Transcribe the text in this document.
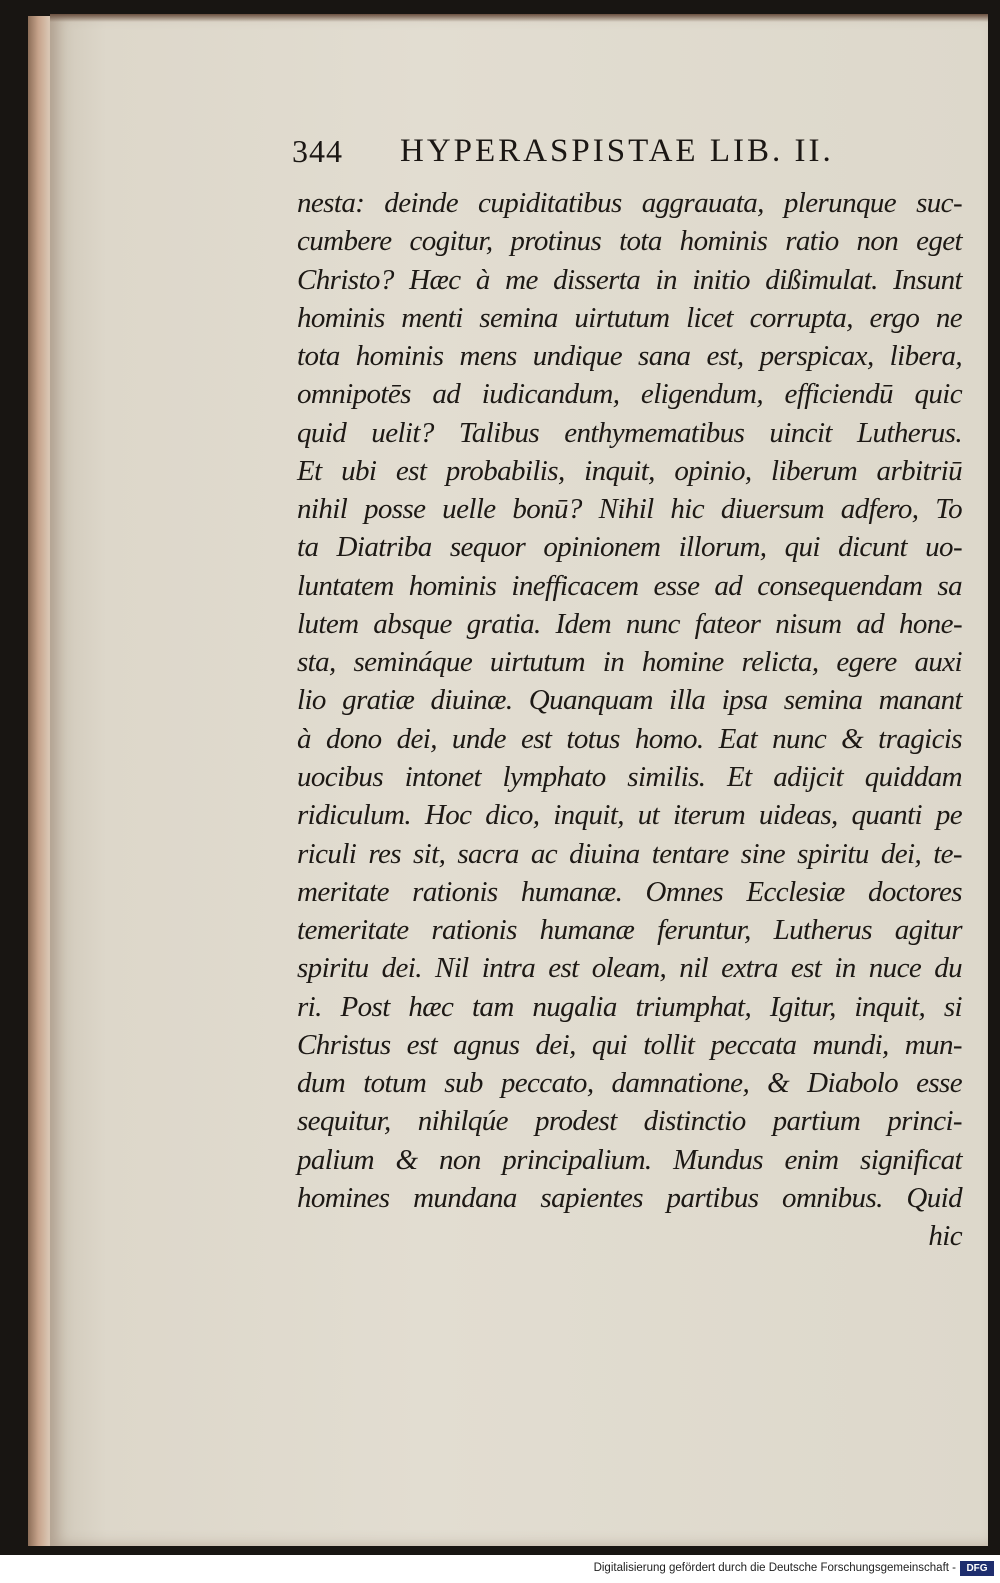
344 HYPERASPISTAE LIB. II.
nesta: deinde cupiditatibus aggrauata, plerunque suc-
cumbere cogitur, protinus tota hominis ratio non eget
Christo? Hæc à me disserta in initio dißimulat. Insunt
hominis menti semina uirtutum licet corrupta, ergo ne
tota hominis mens undique sana est, perspicax, libera,
omnipotēs ad iudicandum, eligendum, efficiendū quic
quid uelit? Talibus enthymematibus uincit Lutherus.
Et ubi est probabilis, inquit, opinio, liberum arbitriū
nihil posse uelle bonū? Nihil hic diuersum adfero, To
ta Diatriba sequor opinionem illorum, qui dicunt uo-
luntatem hominis inefficacem esse ad consequendam sa
lutem absque gratia. Idem nunc fateor nisum ad hone-
sta, semináque uirtutum in homine relicta, egere auxi
lio gratiæ diuinæ. Quanquam illa ipsa semina manant
à dono dei, unde est totus homo. Eat nunc & tragicis
uocibus intonet lymphato similis. Et adijcit quiddam
ridiculum. Hoc dico, inquit, ut iterum uideas, quanti pe
riculi res sit, sacra ac diuina tentare sine spiritu dei, te-
meritate rationis humanæ. Omnes Ecclesiæ doctores
temeritate rationis humanæ feruntur, Lutherus agitur
spiritu dei. Nil intra est oleam, nil extra est in nuce du
ri. Post hæc tam nugalia triumphat, Igitur, inquit, si
Christus est agnus dei, qui tollit peccata mundi, mun-
dum totum sub peccato, damnatione, & Diabolo esse
sequitur, nihilqúe prodest distinctio partium princi-
palium & non principalium. Mundus enim significat
homines mundana sapientes partibus omnibus. Quid
hic
Digitalisierung gefördert durch die Deutsche Forschungsgemeinschaft -	DFG
